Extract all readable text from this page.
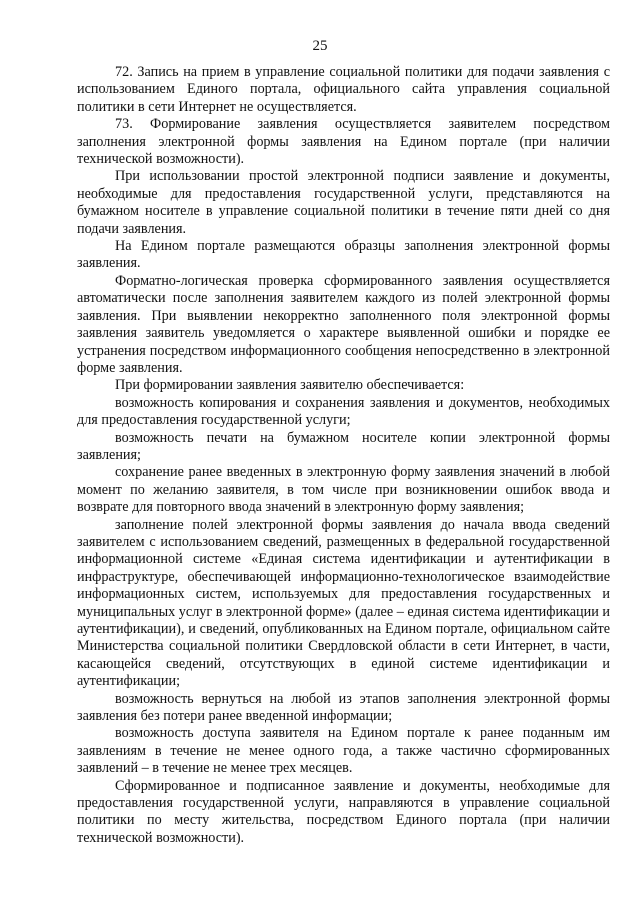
25

72. Запись на прием в управление социальной политики для подачи заявления с использованием Единого портала, официального сайта управления социальной политики в сети Интернет не осуществляется.

73. Формирование заявления осуществляется заявителем посредством заполнения электронной формы заявления на Едином портале (при наличии технической возможности).

При использовании простой электронной подписи заявление и документы, необходимые для предоставления государственной услуги, представляются на бумажном носителе в управление социальной политики в течение пяти дней со дня подачи заявления.

На Едином портале размещаются образцы заполнения электронной формы заявления.

Форматно-логическая проверка сформированного заявления осуществляется автоматически после заполнения заявителем каждого из полей электронной формы заявления. При выявлении некорректно заполненного поля электронной формы заявления заявитель уведомляется о характере выявленной ошибки и порядке ее устранения посредством информационного сообщения непосредственно в электронной форме заявления.

При формировании заявления заявителю обеспечивается:

возможность копирования и сохранения заявления и документов, необходимых для предоставления государственной услуги;

возможность печати на бумажном носителе копии электронной формы заявления;

сохранение ранее введенных в электронную форму заявления значений в любой момент по желанию заявителя, в том числе при возникновении ошибок ввода и возврате для повторного ввода значений в электронную форму заявления;

заполнение полей электронной формы заявления до начала ввода сведений заявителем с использованием сведений, размещенных в федеральной государственной информационной системе «Единая система идентификации и аутентификации в инфраструктуре, обеспечивающей информационно-технологическое взаимодействие информационных систем, используемых для предоставления государственных и муниципальных услуг в электронной форме» (далее – единая система идентификации и аутентификации), и сведений, опубликованных на Едином портале, официальном сайте Министерства социальной политики Свердловской области в сети Интернет, в части, касающейся сведений, отсутствующих в единой системе идентификации и аутентификации;

возможность вернуться на любой из этапов заполнения электронной формы заявления без потери ранее введенной информации;

возможность доступа заявителя на Едином портале к ранее поданным им заявлениям в течение не менее одного года, а также частично сформированных заявлений – в течение не менее трех месяцев.

Сформированное и подписанное заявление и документы, необходимые для предоставления государственной услуги, направляются в управление социальной политики по месту жительства, посредством Единого портала (при наличии технической возможности).
